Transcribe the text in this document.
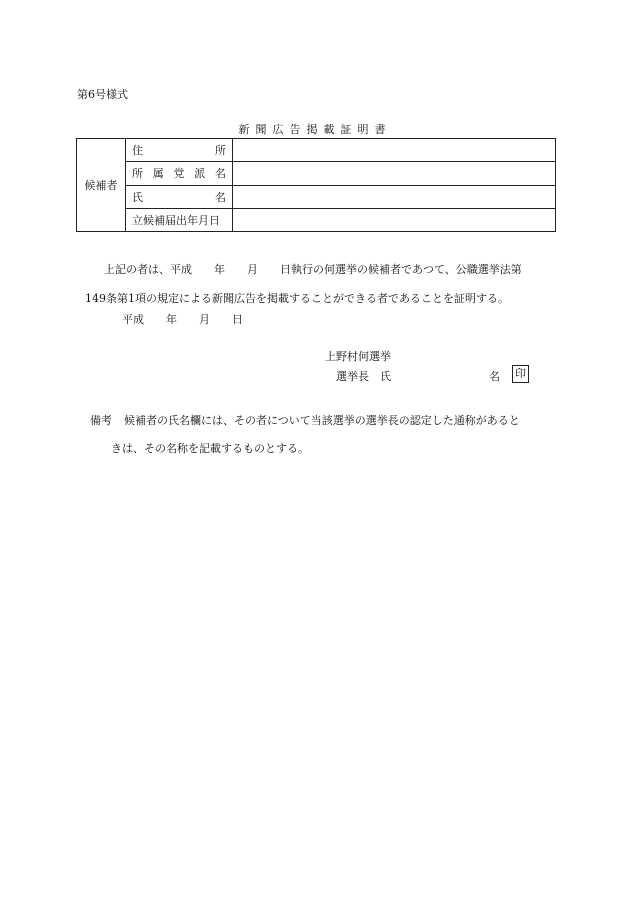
第6号様式
新聞広告掲載証明書
候補者	住 所	

	所 属 党 派 名	

	氏 名	

	立候補届出年月日	
上記の者は、平成　　年　　月　　日執行の何選挙の候補者であつて、公職選挙法第
149条第1項の規定による新聞広告を掲載することができる者であることを証明する。
平成　　年　　月　　日
上野村何選挙
選挙長　氏	名 印
備考 候補者の氏名欄には、その者について当該選挙の選挙長の認定した通称があると
きは、その名称を記載するものとする。
